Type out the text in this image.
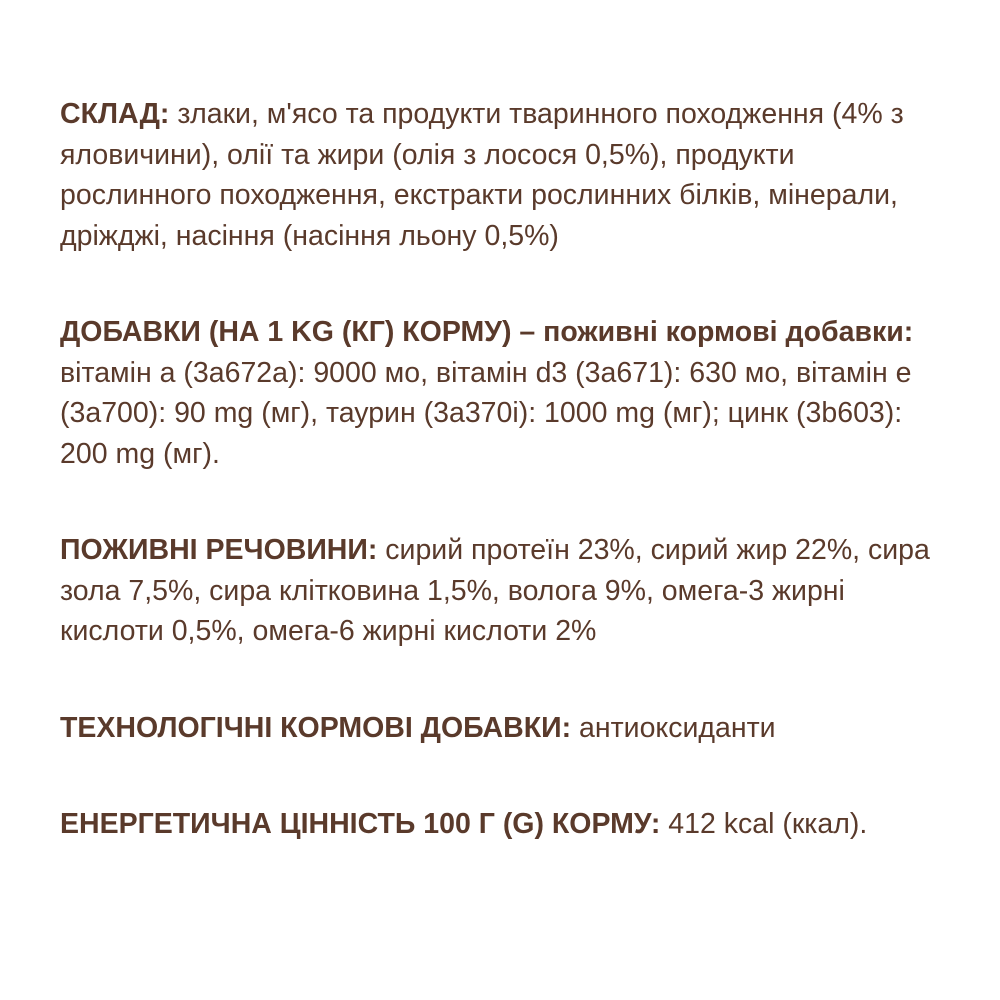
СКЛАД: злаки, м'ясо та продукти тваринного походження (4% з яловичини), олії та жири (олія з лосося 0,5%), продукти рослинного походження, екстракти рослинних білків, мінерали, дріжджі, насіння (насіння льону 0,5%)

ДОБАВКИ (НА 1 KG (КГ) КОРМУ) – поживні кормові добавки: вітамін а (3a672a): 9000 мо, вітамін d3 (3a671): 630 мо, вітамін е (3a700): 90 mg (мг), таурин (3a370i): 1000 mg (мг); цинк (3b603): 200 mg (мг).

ПОЖИВНІ РЕЧОВИНИ: сирий протеїн 23%, сирий жир 22%, сира зола 7,5%, сира клітковина 1,5%, вологa 9%, омега-3 жирні кислоти 0,5%, омега-6 жирні кислоти 2%

ТЕХНОЛОГІЧНІ КОРМОВІ ДОБАВКИ: антиоксиданти

ЕНЕРГЕТИЧНА ЦІННІСТЬ 100 Г (G) КОРМУ: 412 kcal (ккал).
